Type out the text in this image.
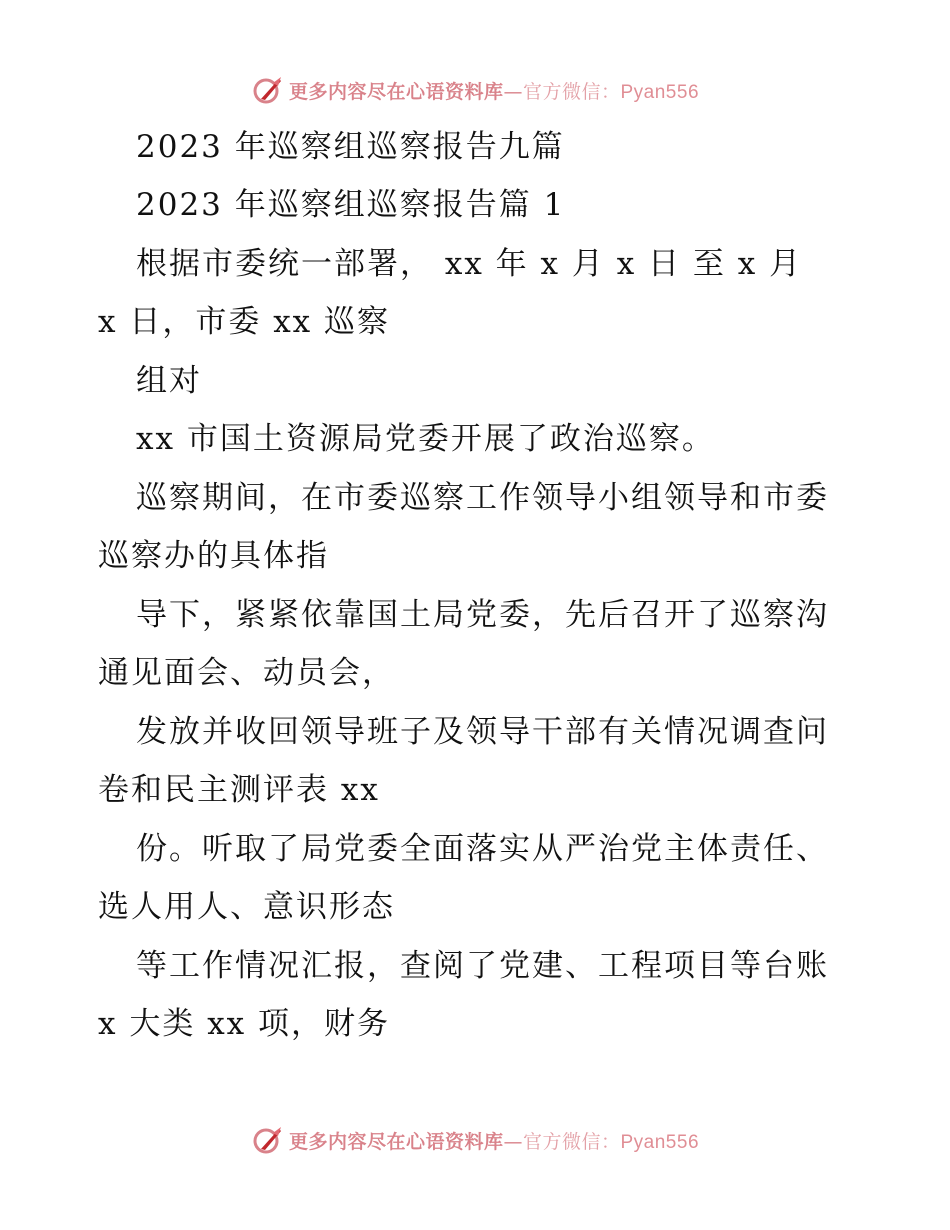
更多内容尽在心语资料库—官方微信：Pyan556
2023 年巡察组巡察报告九篇
2023 年巡察组巡察报告篇 1
根据市委统一部署， xx 年 x 月 x 日 至 x 月
x 日，市委 xx 巡察
组对
xx 市国土资源局党委开展了政治巡察。
巡察期间，在市委巡察工作领导小组领导和市委
巡察办的具体指
导下，紧紧依靠国土局党委，先后召开了巡察沟
通见面会、动员会，
发放并收回领导班子及领导干部有关情况调查问
卷和民主测评表 xx
份。听取了局党委全面落实从严治党主体责任、
选人用人、意识形态
等工作情况汇报，查阅了党建、工程项目等台账
x 大类 xx 项，财务
更多内容尽在心语资料库—官方微信：Pyan556
